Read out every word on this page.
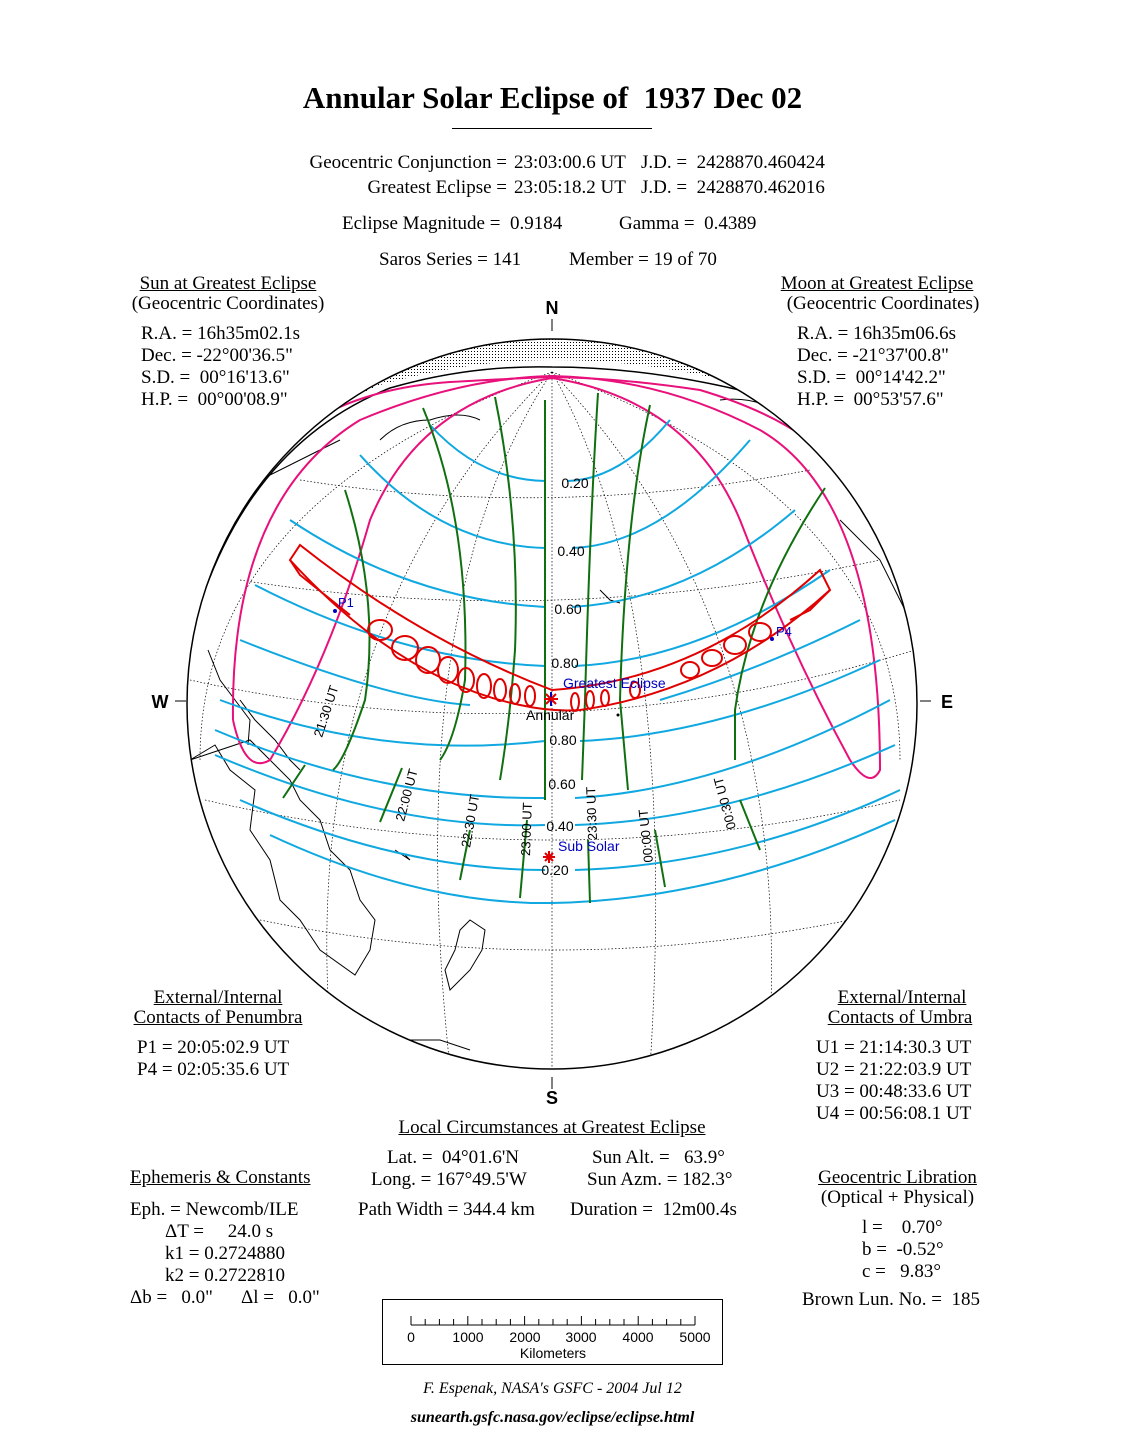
Annular Solar Eclipse of  1937 Dec 02
Geocentric Conjunction = 23:03:00.6 UT J.D. =  2428870.460424
Greatest Eclipse = 23:05:18.2 UT J.D. =  2428870.462016
Eclipse Magnitude =  0.9184	Gamma =  0.4389
Saros Series = 141	Member = 19 of 70
Sun at Greatest Eclipse
(Geocentric Coordinates)
R.A. = 16h35m02.1s
Dec. = -22°00'36.5"
S.D. =  00°16'13.6"
H.P. =  00°00'08.9"
Moon at Greatest Eclipse
(Geocentric Coordinates)
R.A. = 16h35m06.6s
Dec. = -21°37'00.8"
S.D. =  00°14'42.2"
H.P. =  00°53'57.6"
N
S
W	E
0.20
0.40
0.60
0.80
0.80
0.60
0.40
0.20
21:30 UT
22:00 UT	22:30 UT	23:00 UT	23:30 UT	00:00 UT
00:30 UT
P1
P4
Greatest Eclipse
Annular
Sub Solar
External/Internal
Contacts of Penumbra
P1 = 20:05:02.9 UT
P4 = 02:05:35.6 UT
External/Internal
Contacts of Umbra
U1 = 21:14:30.3 UT
U2 = 21:22:03.9 UT
U3 = 00:48:33.6 UT
U4 = 00:56:08.1 UT
Local Circumstances at Greatest Eclipse
Lat. =  04°01.6'N
Long. = 167°49.5'W
Sun Alt. =   63.9°
Sun Azm. = 182.3°
Path Width = 344.4 km Duration =  12m00.4s
Ephemeris & Constants
Eph. = Newcomb/ILE
ΔT =     24.0 s
k1 = 0.2724880
k2 = 0.2722810
Δb =   0.0" Δl =   0.0"
Geocentric Libration
(Optical + Physical)
l =    0.70°
b =  -0.52°
c =   9.83°
Brown Lun. No. =  185
0	1000 2000 3000 4000 5000
Kilometers
F. Espenak, NASA's GSFC - 2004 Jul 12
sunearth.gsfc.nasa.gov/eclipse/eclipse.html
